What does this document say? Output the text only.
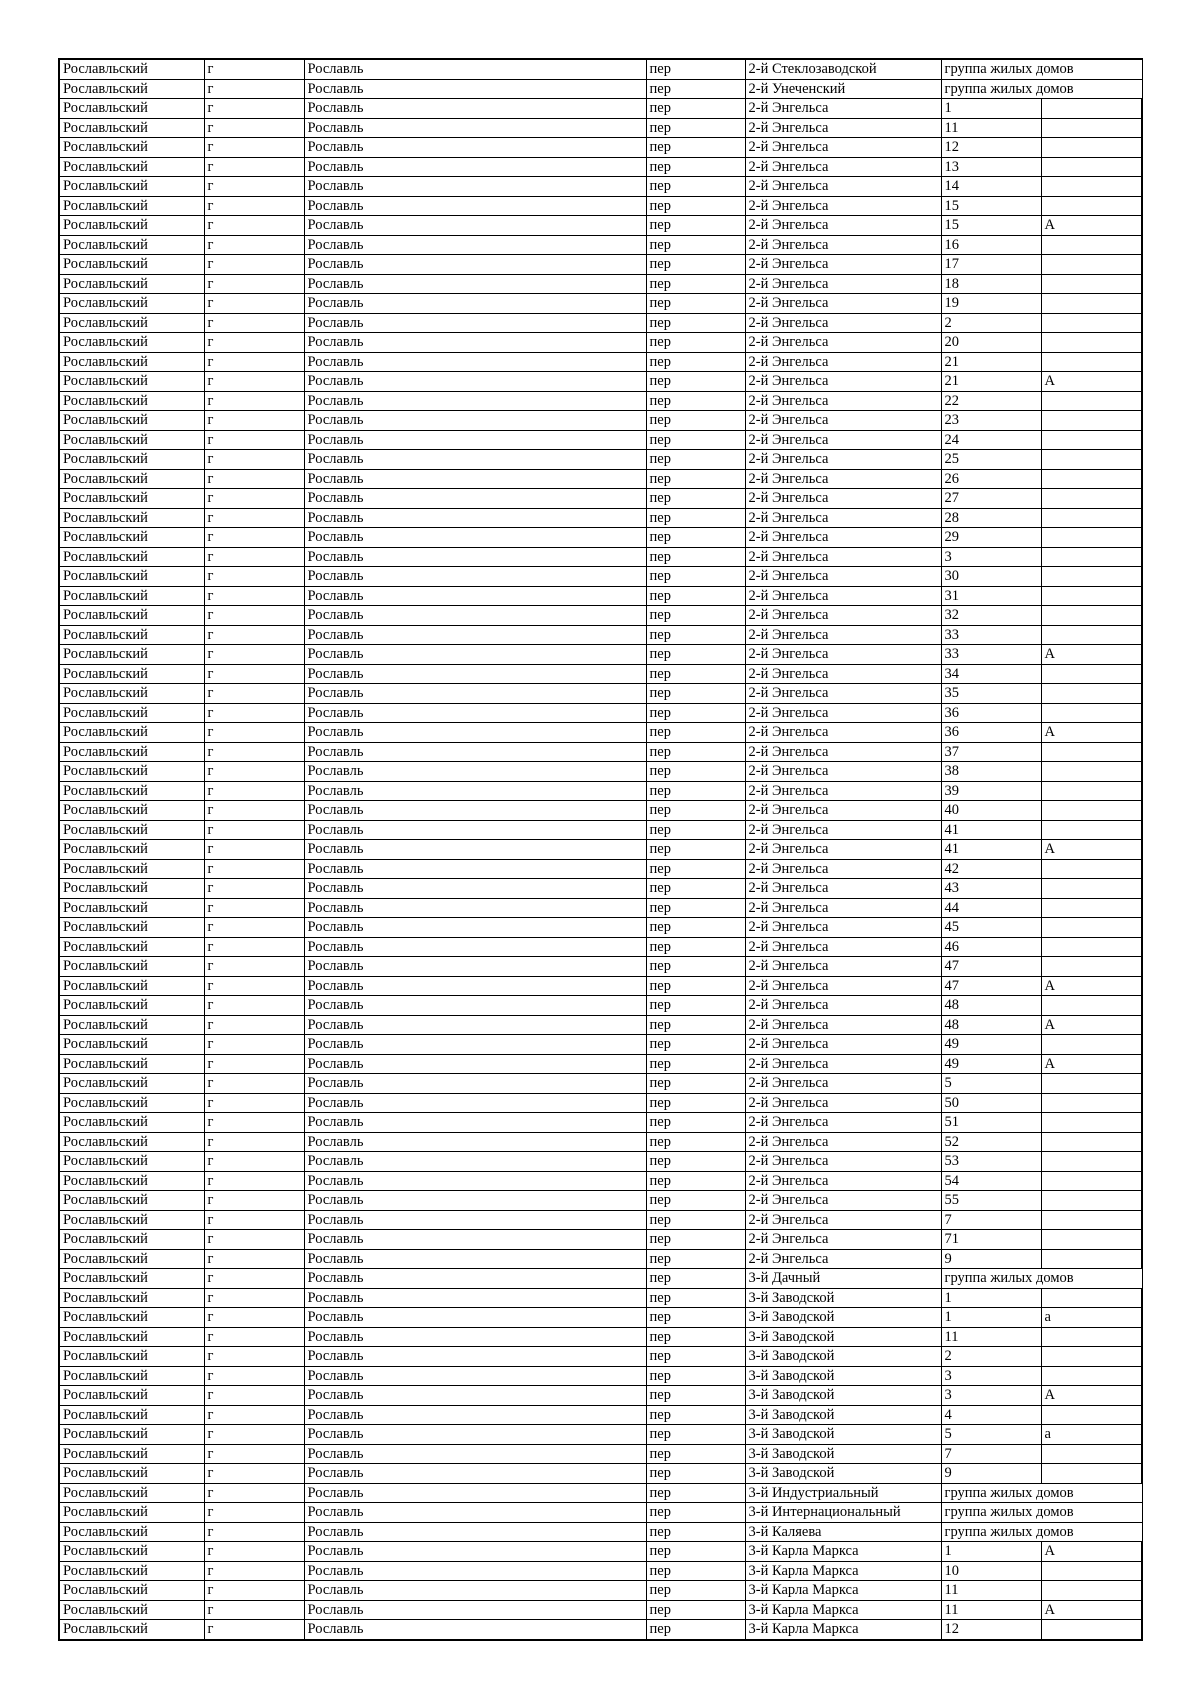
Рославльский	г	Рославль	пер	2-й Стеклозаводской	группа жилых домов
Рославльский	г	Рославль	пер	2-й Унеченский	группа жилых домов
Рославльский	г	Рославль	пер	2-й Энгельса	1	
Рославльский	г	Рославль	пер	2-й Энгельса	11	
Рославльский	г	Рославль	пер	2-й Энгельса	12	
Рославльский	г	Рославль	пер	2-й Энгельса	13	
Рославльский	г	Рославль	пер	2-й Энгельса	14	
Рославльский	г	Рославль	пер	2-й Энгельса	15	
Рославльский	г	Рославль	пер	2-й Энгельса	15	А
Рославльский	г	Рославль	пер	2-й Энгельса	16	
Рославльский	г	Рославль	пер	2-й Энгельса	17	
Рославльский	г	Рославль	пер	2-й Энгельса	18	
Рославльский	г	Рославль	пер	2-й Энгельса	19	
Рославльский	г	Рославль	пер	2-й Энгельса	2	
Рославльский	г	Рославль	пер	2-й Энгельса	20	
Рославльский	г	Рославль	пер	2-й Энгельса	21	
Рославльский	г	Рославль	пер	2-й Энгельса	21	А
Рославльский	г	Рославль	пер	2-й Энгельса	22	
Рославльский	г	Рославль	пер	2-й Энгельса	23	
Рославльский	г	Рославль	пер	2-й Энгельса	24	
Рославльский	г	Рославль	пер	2-й Энгельса	25	
Рославльский	г	Рославль	пер	2-й Энгельса	26	
Рославльский	г	Рославль	пер	2-й Энгельса	27	
Рославльский	г	Рославль	пер	2-й Энгельса	28	
Рославльский	г	Рославль	пер	2-й Энгельса	29	
Рославльский	г	Рославль	пер	2-й Энгельса	3	
Рославльский	г	Рославль	пер	2-й Энгельса	30	
Рославльский	г	Рославль	пер	2-й Энгельса	31	
Рославльский	г	Рославль	пер	2-й Энгельса	32	
Рославльский	г	Рославль	пер	2-й Энгельса	33	
Рославльский	г	Рославль	пер	2-й Энгельса	33	А
Рославльский	г	Рославль	пер	2-й Энгельса	34	
Рославльский	г	Рославль	пер	2-й Энгельса	35	
Рославльский	г	Рославль	пер	2-й Энгельса	36	
Рославльский	г	Рославль	пер	2-й Энгельса	36	А
Рославльский	г	Рославль	пер	2-й Энгельса	37	
Рославльский	г	Рославль	пер	2-й Энгельса	38	
Рославльский	г	Рославль	пер	2-й Энгельса	39	
Рославльский	г	Рославль	пер	2-й Энгельса	40	
Рославльский	г	Рославль	пер	2-й Энгельса	41	
Рославльский	г	Рославль	пер	2-й Энгельса	41	А
Рославльский	г	Рославль	пер	2-й Энгельса	42	
Рославльский	г	Рославль	пер	2-й Энгельса	43	
Рославльский	г	Рославль	пер	2-й Энгельса	44	
Рославльский	г	Рославль	пер	2-й Энгельса	45	
Рославльский	г	Рославль	пер	2-й Энгельса	46	
Рославльский	г	Рославль	пер	2-й Энгельса	47	
Рославльский	г	Рославль	пер	2-й Энгельса	47	А
Рославльский	г	Рославль	пер	2-й Энгельса	48	
Рославльский	г	Рославль	пер	2-й Энгельса	48	А
Рославльский	г	Рославль	пер	2-й Энгельса	49	
Рославльский	г	Рославль	пер	2-й Энгельса	49	А
Рославльский	г	Рославль	пер	2-й Энгельса	5	
Рославльский	г	Рославль	пер	2-й Энгельса	50	
Рославльский	г	Рославль	пер	2-й Энгельса	51	
Рославльский	г	Рославль	пер	2-й Энгельса	52	
Рославльский	г	Рославль	пер	2-й Энгельса	53	
Рославльский	г	Рославль	пер	2-й Энгельса	54	
Рославльский	г	Рославль	пер	2-й Энгельса	55	
Рославльский	г	Рославль	пер	2-й Энгельса	7	
Рославльский	г	Рославль	пер	2-й Энгельса	71	
Рославльский	г	Рославль	пер	2-й Энгельса	9	
Рославльский	г	Рославль	пер	3-й Дачный	группа жилых домов
Рославльский	г	Рославль	пер	3-й Заводской	1	
Рославльский	г	Рославль	пер	3-й Заводской	1	а
Рославльский	г	Рославль	пер	3-й Заводской	11	
Рославльский	г	Рославль	пер	3-й Заводской	2	
Рославльский	г	Рославль	пер	3-й Заводской	3	
Рославльский	г	Рославль	пер	3-й Заводской	3	А
Рославльский	г	Рославль	пер	3-й Заводской	4	
Рославльский	г	Рославль	пер	3-й Заводской	5	а
Рославльский	г	Рославль	пер	3-й Заводской	7	
Рославльский	г	Рославль	пер	3-й Заводской	9	
Рославльский	г	Рославль	пер	3-й Индустриальный	группа жилых домов
Рославльский	г	Рославль	пер	3-й Интернациональный	группа жилых домов
Рославльский	г	Рославль	пер	3-й Каляева	группа жилых домов
Рославльский	г	Рославль	пер	3-й Карла Маркса	1	А
Рославльский	г	Рославль	пер	3-й Карла Маркса	10	
Рославльский	г	Рославль	пер	3-й Карла Маркса	11	
Рославльский	г	Рославль	пер	3-й Карла Маркса	11	А
Рославльский	г	Рославль	пер	3-й Карла Маркса	12	
